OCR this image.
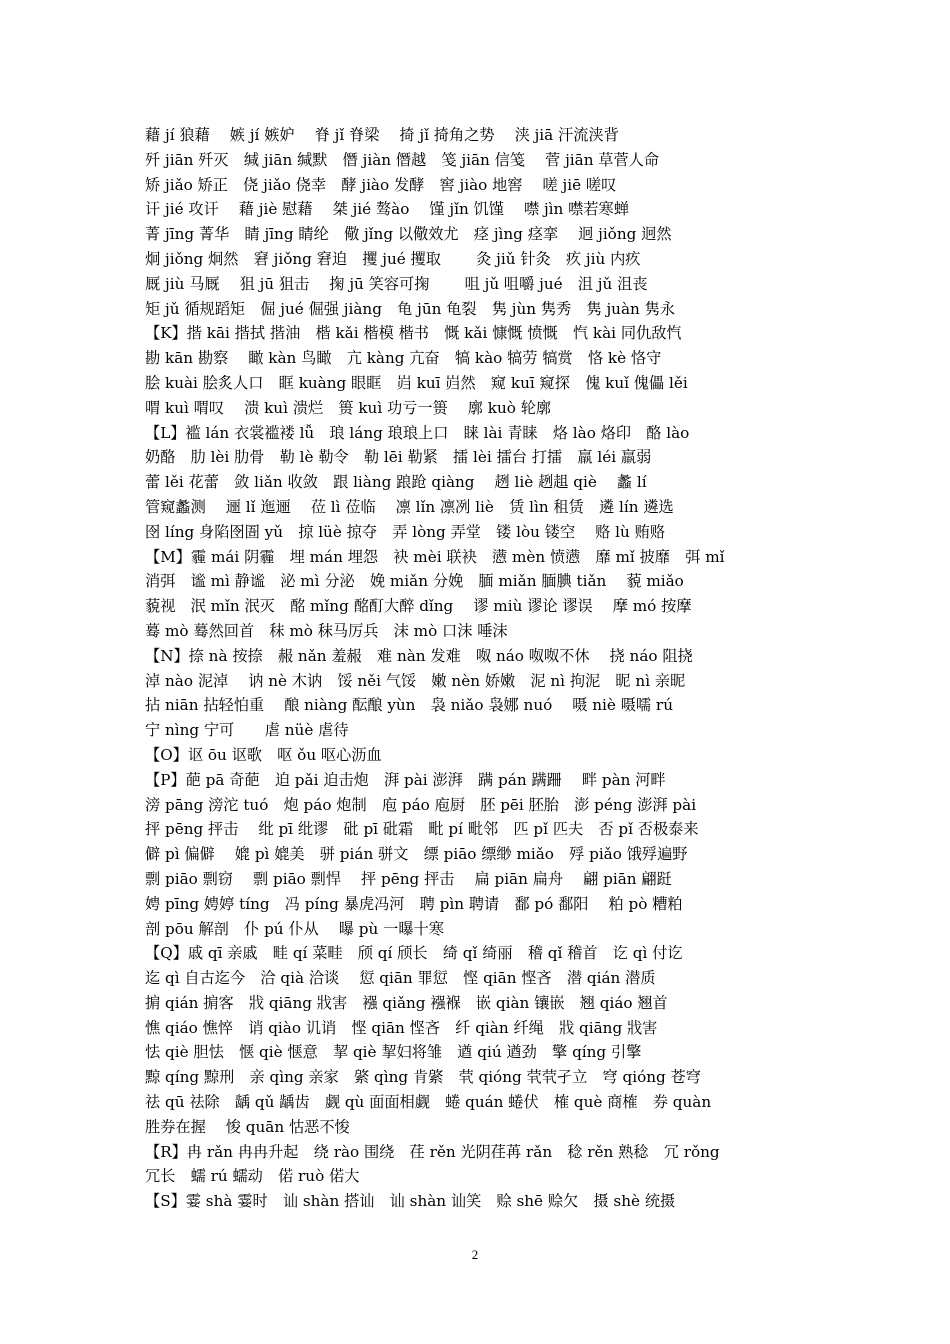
藉 jí 狼藉　 嫉 jí 嫉妒　 脊 jǐ 脊梁　 掎 jǐ 掎角之势　 浃 jiā 汗流浃背
歼 jiān 歼灭　缄 jiān 缄默　僭 jiàn 僭越　笺 jiān 信笺　 菅 jiān 草菅人命
矫 jiǎo 矫正　侥 jiǎo 侥幸　酵 jiào 发酵　窖 jiào 地窖　 嗟 jiē 嗟叹
讦 jié 攻讦　 藉 jiè 慰藉　 桀 jié 骜ào　 馑 jǐn 饥馑　 噤 jìn 噤若寒蝉
菁 jīng 菁华　睛 jīng 睛纶　儆 jǐng 以儆效尤　痉 jìng 痉挛　 迥 jiǒng 迥然
炯 jiǒng 炯然　窘 jiǒng 窘迫　攫 jué 攫取　　 灸 jiǔ 针灸　疚 jiù 内疚
厩 jiù 马厩　 狙 jū 狙击　 掬 jū 笑容可掬　　 咀 jǔ 咀嚼 jué　沮 jǔ 沮丧
矩 jǔ 循规蹈矩　倔 jué 倔强 jiàng　龟 jūn 龟裂　隽 jùn 隽秀　隽 juàn 隽永
【K】揩 kāi 揩拭 揩油　楷 kǎi 楷模 楷书　慨 kǎi 慷慨 愤慨　忾 kài 同仇敌忾
勘 kān 勘察　 瞰 kàn 鸟瞰　亢 kàng 亢奋　犒 kào 犒劳 犒赏　恪 kè 恪守
脍 kuài 脍炙人口　眶 kuàng 眼眶　岿 kuī 岿然　窥 kuī 窥探　傀 kuǐ 傀儡 lěi
喟 kuì 喟叹　 溃 kuì 溃烂　篑 kuì 功亏一篑　 廓 kuò 轮廓
【L】褴 lán 衣裳褴褛 lǚ　琅 láng 琅琅上口　睐 lài 青睐　烙 lào 烙印　酪 lào
奶酪　肋 lèi 肋骨　勒 lè 勒令　勒 lēi 勒紧　擂 lèi 擂台 打擂　羸 léi 羸弱
蕾 lěi 花蕾　敛 liǎn 收敛　跟 liàng 踉跄 qiàng　 趔 liè 趔趄 qiè　 蠡 lí
管窥蠡测　 逦 lǐ 迤逦　 莅 lì 莅临　 凛 lǐn 凛冽 liè　赁 lìn 租赁　遴 lín 遴选
囹 líng 身陷囹圄 yǔ　掠 lüè 掠夺　弄 lòng 弄堂　镂 lòu 镂空　 赂 lù 贿赂
【M】霾 mái 阴霾　埋 mán 埋怨　袂 mèi 联袂　懑 mèn 愤懑　靡 mǐ 披靡　弭 mǐ
消弭　谧 mì 静谧　泌 mì 分泌　娩 miǎn 分娩　腼 miǎn 腼腆 tiǎn　 藐 miǎo
藐视　泯 mǐn 泯灭　酩 mǐng 酩酊大醉 dǐng　 谬 miù 谬论 谬误　 摩 mó 按摩
蓦 mò 蓦然回首　秣 mò 秣马厉兵　沫 mò 口沫 唾沫
【N】捺 nà 按捺　赧 nǎn 羞赧　难 nàn 发难　呶 náo 呶呶不休　 挠 náo 阻挠
淖 nào 泥淖　 讷 nè 木讷　馁 něi 气馁　嫩 nèn 娇嫩　泥 nì 拘泥　昵 nì 亲昵
拈 niān 拈轻怕重　 酿 niàng 酝酿 yùn　袅 niǎo 袅娜 nuó　 嗫 niè 嗫嚅 rú
宁 nìng 宁可　　虐 nüè 虐待
【O】讴 ōu 讴歌　呕 ǒu 呕心沥血
【P】葩 pā 奇葩　迫 pǎi 迫击炮　湃 pài 澎湃　蹒 pán 蹒跚　 畔 pàn 河畔
滂 pāng 滂沱 tuó　炮 páo 炮制　庖 páo 庖厨　胚 pēi 胚胎　澎 péng 澎湃 pài
抨 pēng 抨击　 纰 pī 纰谬　砒 pī 砒霜　毗 pí 毗邻　匹 pǐ 匹夫　否 pǐ 否极泰来
僻 pì 偏僻　 媲 pì 媲美　骈 pián 骈文　缥 piāo 缥缈 miǎo　殍 piǎo 饿殍遍野
剽 piāo 剽窃　 剽 piāo 剽悍　 抨 pēng 抨击　 扁 piān 扁舟　 翩 piān 翩跹
娉 pīng 娉婷 tíng　冯 píng 暴虎冯河　聘 pìn 聘请　鄱 pó 鄱阳　 粕 pò 糟粕
剖 pōu 解剖　仆 pú 仆从　 曝 pù 一曝十寒
【Q】戚 qī 亲戚　畦 qí 菜畦　颀 qí 颀长　绮 qǐ 绮丽　稽 qǐ 稽首　讫 qì 付讫
迄 qì 自古迄今　洽 qià 洽谈　 愆 qiān 罪愆　悭 qiān 悭吝　潜 qián 潜质
掮 qián 掮客　戕 qiāng 戕害　襁 qiǎng 襁褓　嵌 qiàn 镶嵌　翘 qiáo 翘首
憔 qiáo 憔悴　诮 qiào 讥诮　悭 qiān 悭吝　纤 qiàn 纤绳　戕 qiāng 戕害
怯 qiè 胆怯　惬 qiè 惬意　挈 qiè 挈妇将雏　遒 qiú 遒劲　擎 qíng 引擎
黥 qíng 黥刑　亲 qìng 亲家　綮 qìng 肯綮　茕 qióng 茕茕孑立　穹 qióng 苍穹
祛 qū 祛除　龋 qǔ 龋齿　觑 qù 面面相觑　蜷 quán 蜷伏　榷 què 商榷　券 quàn
胜券在握　 悛 quān 怙恶不悛
【R】冉 rǎn 冉冉升起　绕 rào 围绕　荏 rěn 光阴荏苒 rǎn　稔 rěn 熟稔　冗 rǒng
冗长　蠕 rú 蠕动　偌 ruò 偌大
【S】霎 shà 霎时　讪 shàn 搭讪　讪 shàn 讪笑　赊 shē 赊欠　摄 shè 统摄
2
